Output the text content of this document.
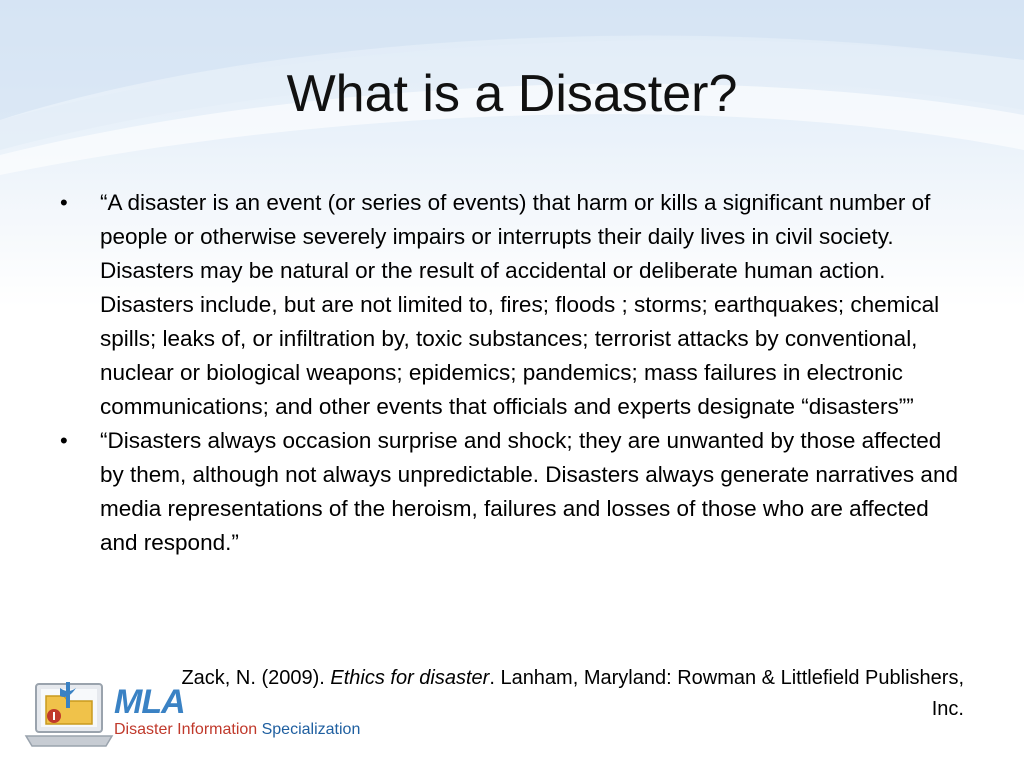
What is a Disaster?
• “A disaster is an event (or series of events) that harm or kills a significant number of people or otherwise severely impairs or interrupts their daily lives in civil society. Disasters may be natural or the result of accidental or deliberate human action. Disasters include, but are not limited to, fires; floods ; storms; earthquakes; chemical spills; leaks of, or infiltration by, toxic substances; terrorist attacks by conventional, nuclear or biological weapons; epidemics; pandemics; mass failures in electronic communications; and other events that officials and experts designate “disasters””
• “Disasters always occasion surprise and shock; they are unwanted by those affected by them, although not always unpredictable. Disasters always generate narratives and media representations of the heroism, failures and losses of those who are affected and respond.”
Zack, N. (2009). Ethics for disaster. Lanham, Maryland: Rowman & Littlefield Publishers, Inc.
MLA
Disaster Information Specialization
